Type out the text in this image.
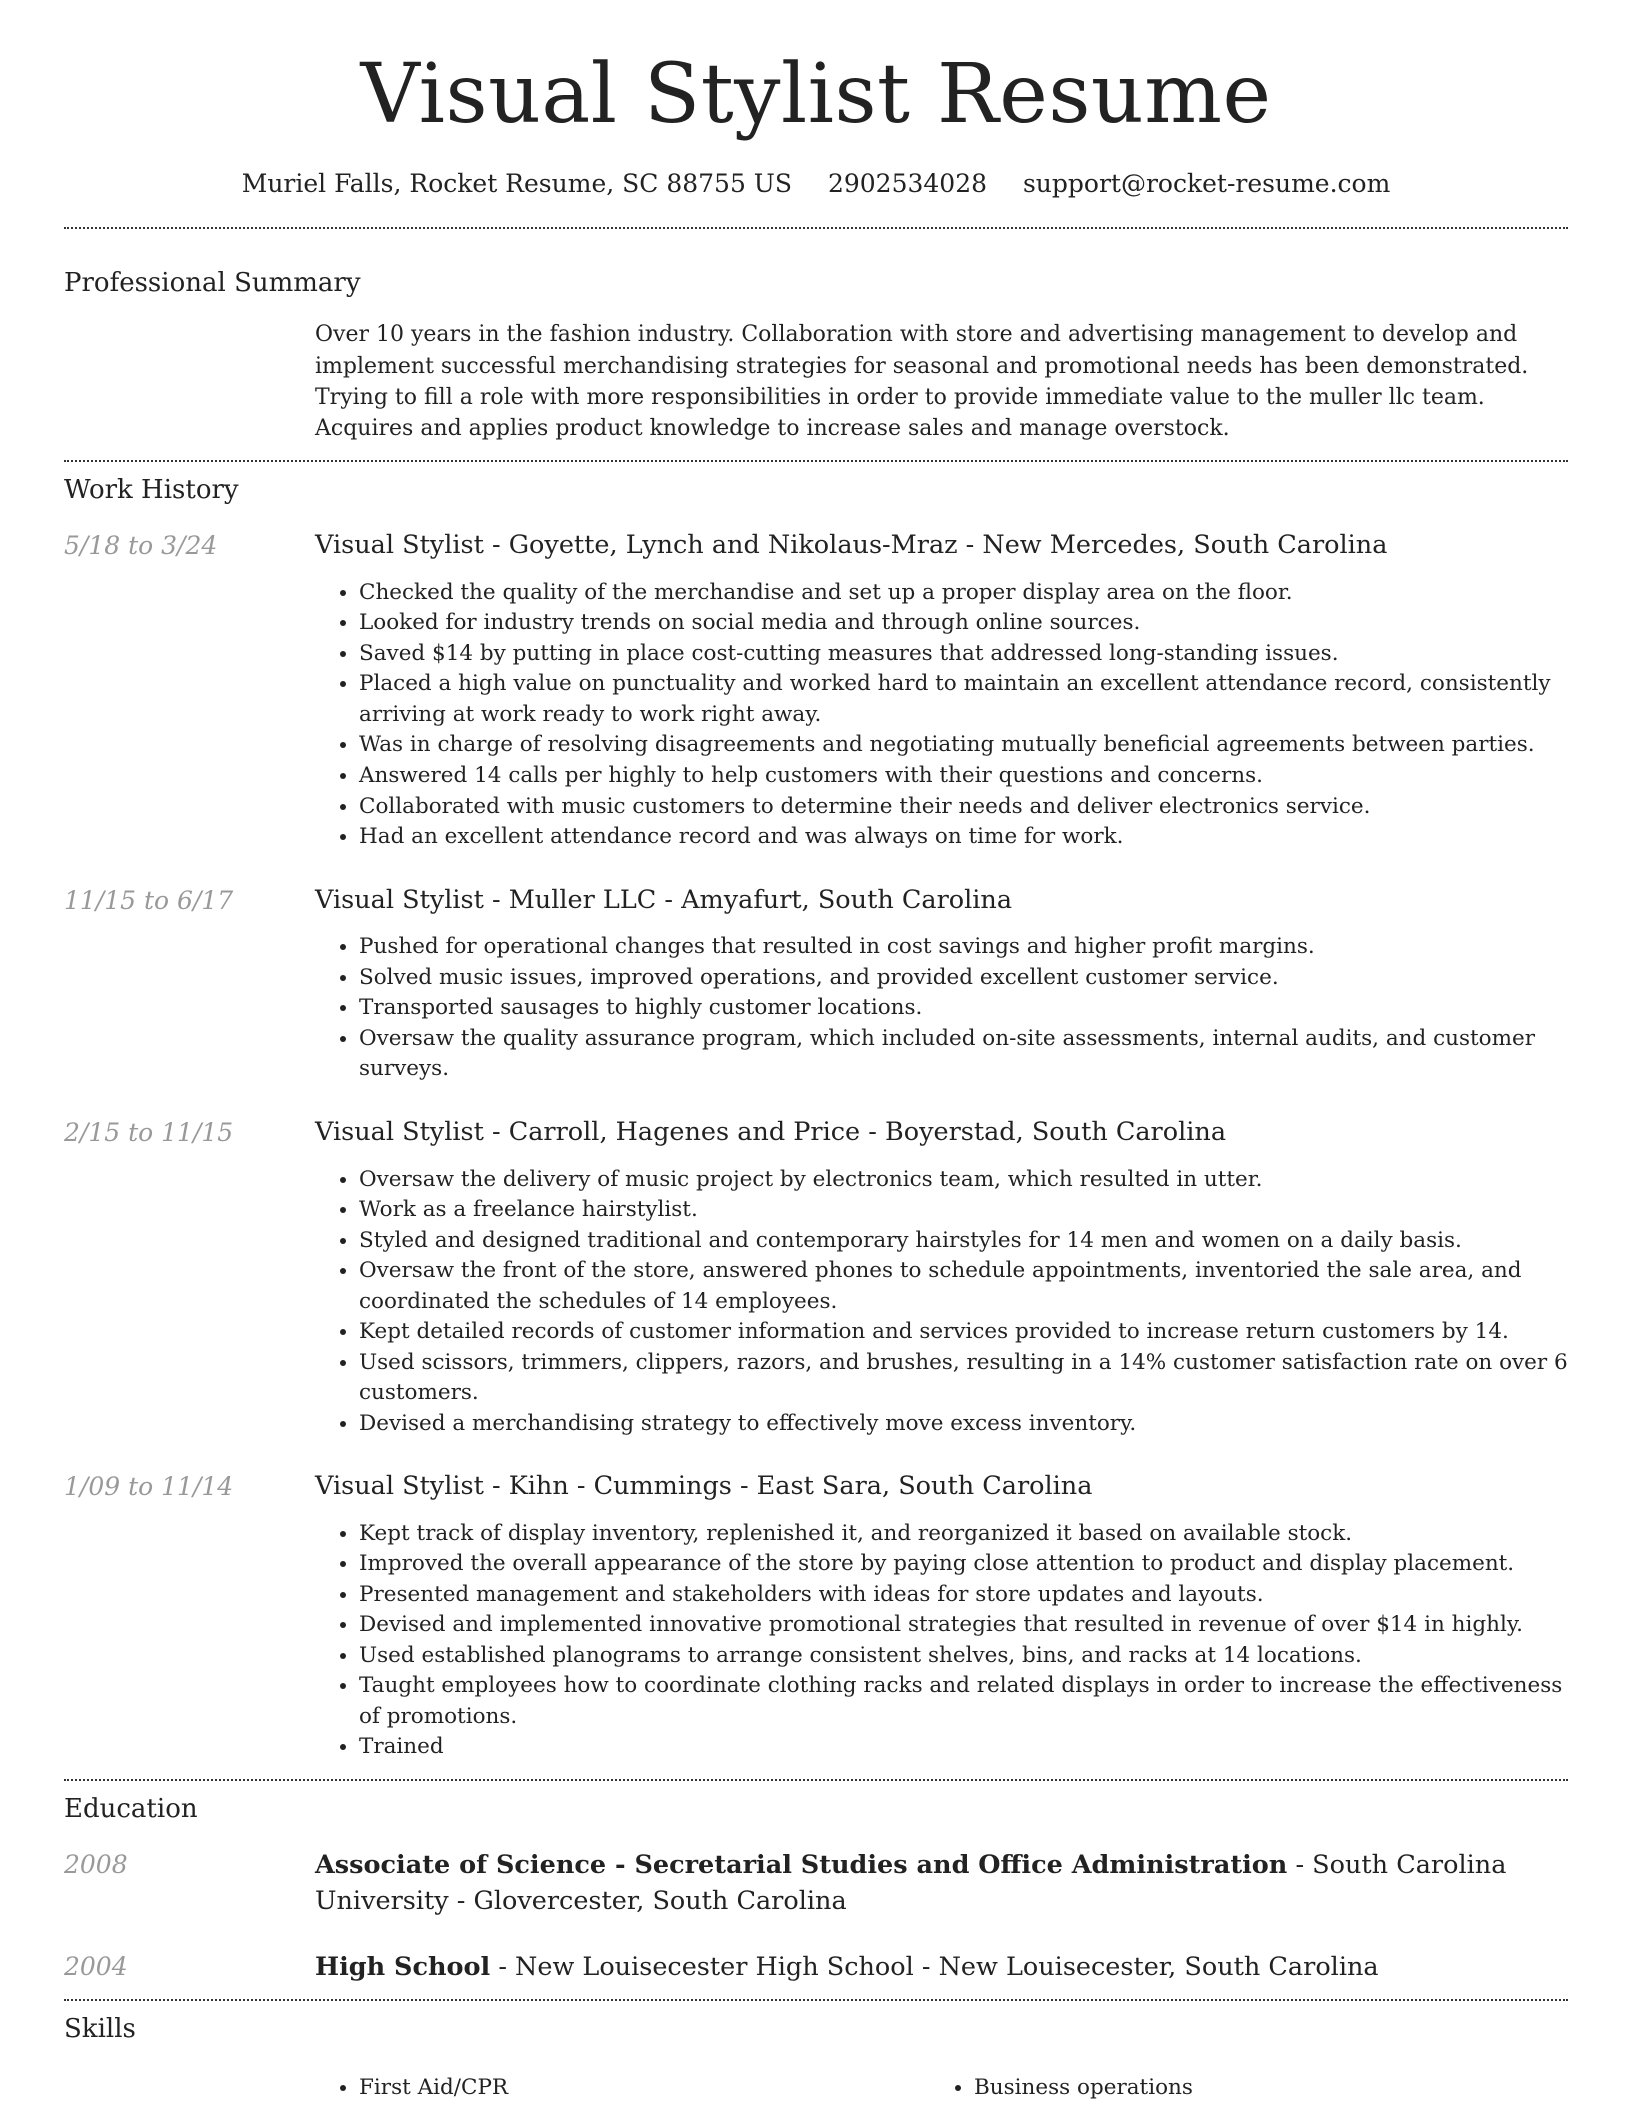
Visual Stylist Resume
Muriel Falls, Rocket Resume, SC 88755 US 2902534028 support@rocket-resume.com
Professional Summary
Over 10 years in the fashion industry. Collaboration with store and advertising management to develop and implement successful merchandising strategies for seasonal and promotional needs has been demonstrated. Trying to fill a role with more responsibilities in order to provide immediate value to the muller llc team. Acquires and applies product knowledge to increase sales and manage overstock.
Work History
5/18 to 3/24	Visual Stylist - Goyette, Lynch and Nikolaus-Mraz - New Mercedes, South Carolina
• Checked the quality of the merchandise and set up a proper display area on the floor.
• Looked for industry trends on social media and through online sources.
• Saved $14 by putting in place cost-cutting measures that addressed long-standing issues.
• Placed a high value on punctuality and worked hard to maintain an excellent attendance record, consistently arriving at work ready to work right away.
• Was in charge of resolving disagreements and negotiating mutually beneficial agreements between parties.
• Answered 14 calls per highly to help customers with their questions and concerns.
• Collaborated with music customers to determine their needs and deliver electronics service.
• Had an excellent attendance record and was always on time for work.
11/15 to 6/17	Visual Stylist - Muller LLC - Amyafurt, South Carolina
• Pushed for operational changes that resulted in cost savings and higher profit margins.
• Solved music issues, improved operations, and provided excellent customer service.
• Transported sausages to highly customer locations.
• Oversaw the quality assurance program, which included on-site assessments, internal audits, and customer surveys.
2/15 to 11/15	Visual Stylist - Carroll, Hagenes and Price - Boyerstad, South Carolina
• Oversaw the delivery of music project by electronics team, which resulted in utter.
• Work as a freelance hairstylist.
• Styled and designed traditional and contemporary hairstyles for 14 men and women on a daily basis.
• Oversaw the front of the store, answered phones to schedule appointments, inventoried the sale area, and coordinated the schedules of 14 employees.
• Kept detailed records of customer information and services provided to increase return customers by 14.
• Used scissors, trimmers, clippers, razors, and brushes, resulting in a 14% customer satisfaction rate on over 6 customers.
• Devised a merchandising strategy to effectively move excess inventory.
1/09 to 11/14	Visual Stylist - Kihn - Cummings - East Sara, South Carolina
• Kept track of display inventory, replenished it, and reorganized it based on available stock.
• Improved the overall appearance of the store by paying close attention to product and display placement.
• Presented management and stakeholders with ideas for store updates and layouts.
• Devised and implemented innovative promotional strategies that resulted in revenue of over $14 in highly.
• Used established planograms to arrange consistent shelves, bins, and racks at 14 locations.
• Taught employees how to coordinate clothing racks and related displays in order to increase the effectiveness of promotions.
• Trained
Education
2008	Associate of Science - Secretarial Studies and Office Administration - South Carolina University - Glovercester, South Carolina
2004	High School - New Louisecester High School - New Louisecester, South Carolina
Skills
• First Aid/CPR
•	Business operations
